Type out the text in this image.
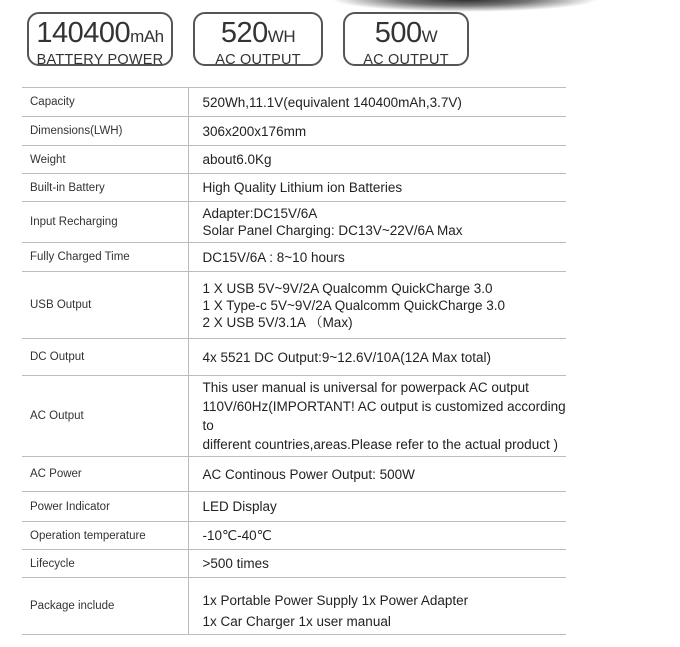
140400mAh
BATTERY POWER
520WH
AC OUTPUT
500W
AC OUTPUT
Capacity	520Wh,11.1V(equivalent 140400mAh,3.7V)

Dimensions(LWH)	306x200x176mm

Weight	about6.0Kg

Built-in Battery	High Quality Lithium ion Batteries

Input Recharging	Adapter:DC15V/6A
Solar Panel Charging: DC13V~22V/6A Max

Fully Charged Time	DC15V/6A : 8~10 hours

USB Output	1 X USB 5V~9V/2A Qualcomm QuickCharge 3.0
1 X Type-c 5V~9V/2A Qualcomm QuickCharge 3.0
2 X USB 5V/3.1A （Max)

DC Output	4x 5521 DC Output:9~12.6V/10A(12A Max total)

AC Output	This user manual is universal for powerpack AC output
110V/60Hz(IMPORTANT! AC output is customized according to
different countries,areas.Please refer to the actual product )

AC Power	AC Continous Power Output: 500W

Power Indicator	LED Display

Operation temperature	-10℃-40℃

Lifecycle	>500 times

Package include	1x Portable Power Supply 1x Power Adapter
1x Car Charger 1x user manual
